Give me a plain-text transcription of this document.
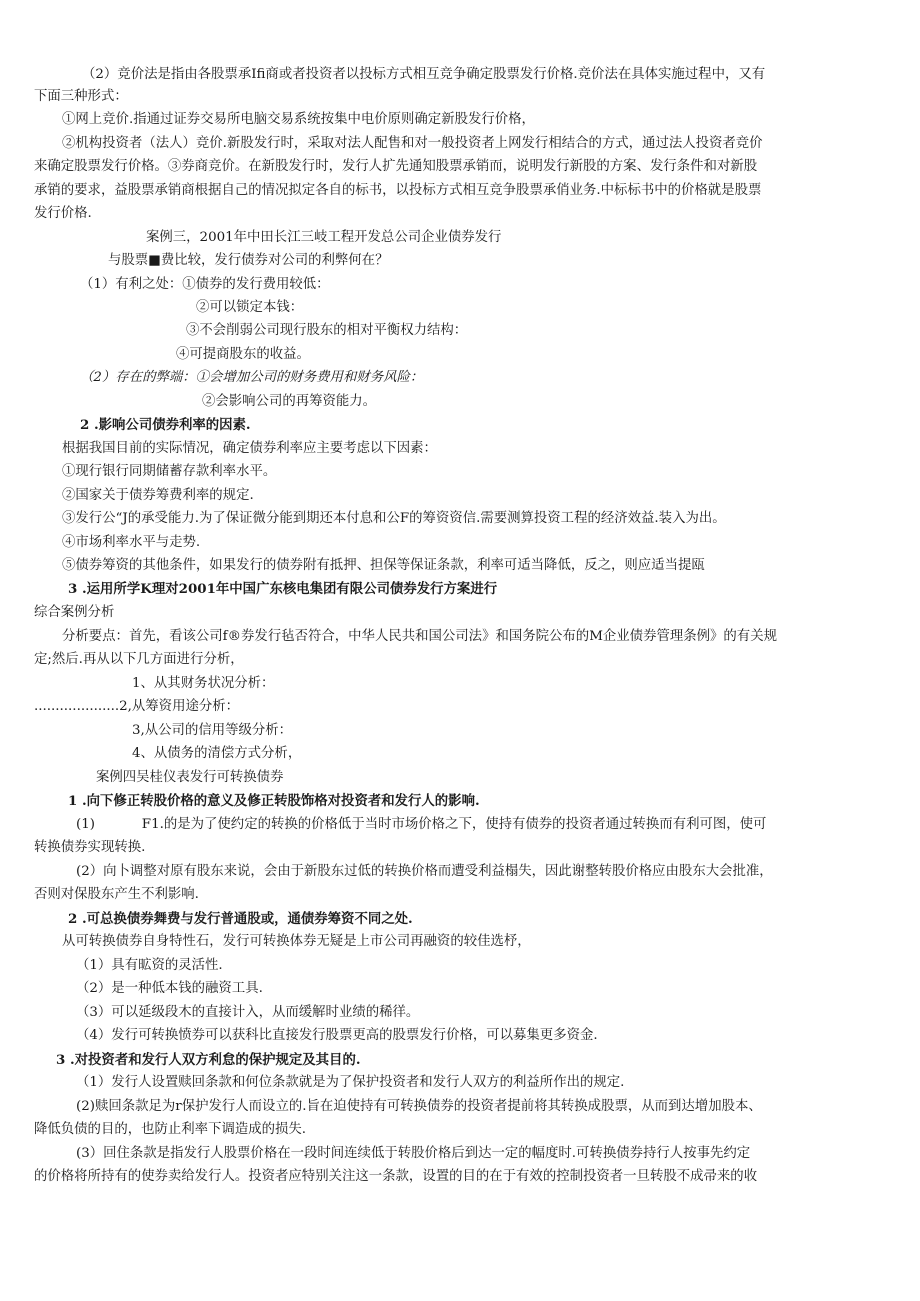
（2）竞价法是指由各股票承Ifi商或者投资者以投标方式相互竞争确定股票发行价格.竞价法在具体实施过程中，又有
下面三种形式：
①网上竞价.指通过证券交易所电脑交易系统按集中电价原则确定新股发行价格，
②机构投资者（法人）竞价.新股发行时，采取对法人配售和对一般投资者上网发行相结合的方式，通过法人投资者竞价
来确定股票发行价格。③券商竞价。在新股发行时，发行人扩先通知股票承销而，说明发行新股的方案、发行条件和对新股
承销的要求，益股票承销商根据自己的情况拟定各自的标书，以投标方式相互竞争股票承俏业务.中标标书中的价格就是股票
发行价格.
案例三，2001年中田长江三岐工程开发总公司企业债券发行
与股票■费比较，发行债券对公司的利弊何在？
（1）有利之处：①债券的发行费用较低：
②可以锁定本钱：
③不会削弱公司现行股东的相对平衡权力结构：
④可提商股东的收益。
（2）存在的弊端：①会增加公司的财务费用和财务风险：
②会影响公司的再筹资能力。
2 .影响公司债券利率的因素.
根据我国目前的实际情况，确定债券利率应主要考虑以下因素：
①现行银行同期储蓄存款利率水平。
②国家关于债券筹费利率的规定.
③发行公“J的承受能力.为了保证微分能到期还本付息和公F的筹资资信.需要测算投资工程的经济效益.装入为出。
④市场利率水平与走势.
⑤债券筹资的其他条件，如果发行的债券附有抵押、担保等保证条款，利率可适当降低，反之，则应适当提瓯
3 .运用所学K理对2001年中国广东核电集团有限公司债券发行方案进行
综合案例分析
分析要点：首先，看该公司f®券发行毡否符合，中华人民共和国公司法》和国务院公布的M企业债券管理条例》的有关规
定;然后.再从以下几方面进行分析，
1、从其财务状况分析：
....................2,从筹资用途分析：
3,从公司的信用等级分析：
4、从债务的清偿方式分析，
案例四吴桂仪表发行可转换债券
1 .向下修正转股价格的意义及修正转股饰格对投资者和发行人的影响.
(1)           F1.的是为了使约定的转换的价格低于当时市场价格之下，使持有债券的投资者通过转换而有利可图，使可
转换债券实现转换.
(2）向卜调整对原有股东来说，会由于新股东过低的转换价格而遭受利益榻失，因此谢整转股价格应由股东大会批准，
否则对保股东产生不利影响.
2 .可总换债券舞费与发行普通股或，通债券筹资不同之处.
从可转换债券自身特性石，发行可转换体券无疑是上市公司再融资的较佳选杼，
（1）具有昿资的灵活性.
（2）是一种低本钱的融资工具.
（3）可以延级段木的直接计入，从而缓解时业绩的稀徉。
（4）发行可转换愤券可以获科比直接发行股票更高的股票发行价格，可以募集更多资金.
3 .对投资者和发行人双方利怠的保护规定及其目的.
（1）发行人设置赎回条款和何位条款就是为了保护投资者和发行人双方的利益所作出的规定.
(2)赎回条款足为r保护发行人而设立的.旨在迫使持有可转换债券的投资者提前将其转换成股票，从而到达增加股本、
降低负债的目的，也防止利率下调造成的损失.
(3）回住条款是指发行人股票价格在一段时间连续低于转股价格后到达一定的幅度时.可转换债券持行人按事先约定
的价格将所持有的使券卖给发行人。投资者应特别关注这一条款，设置的目的在于有效的控制投资者一旦转股不成帚来的收
